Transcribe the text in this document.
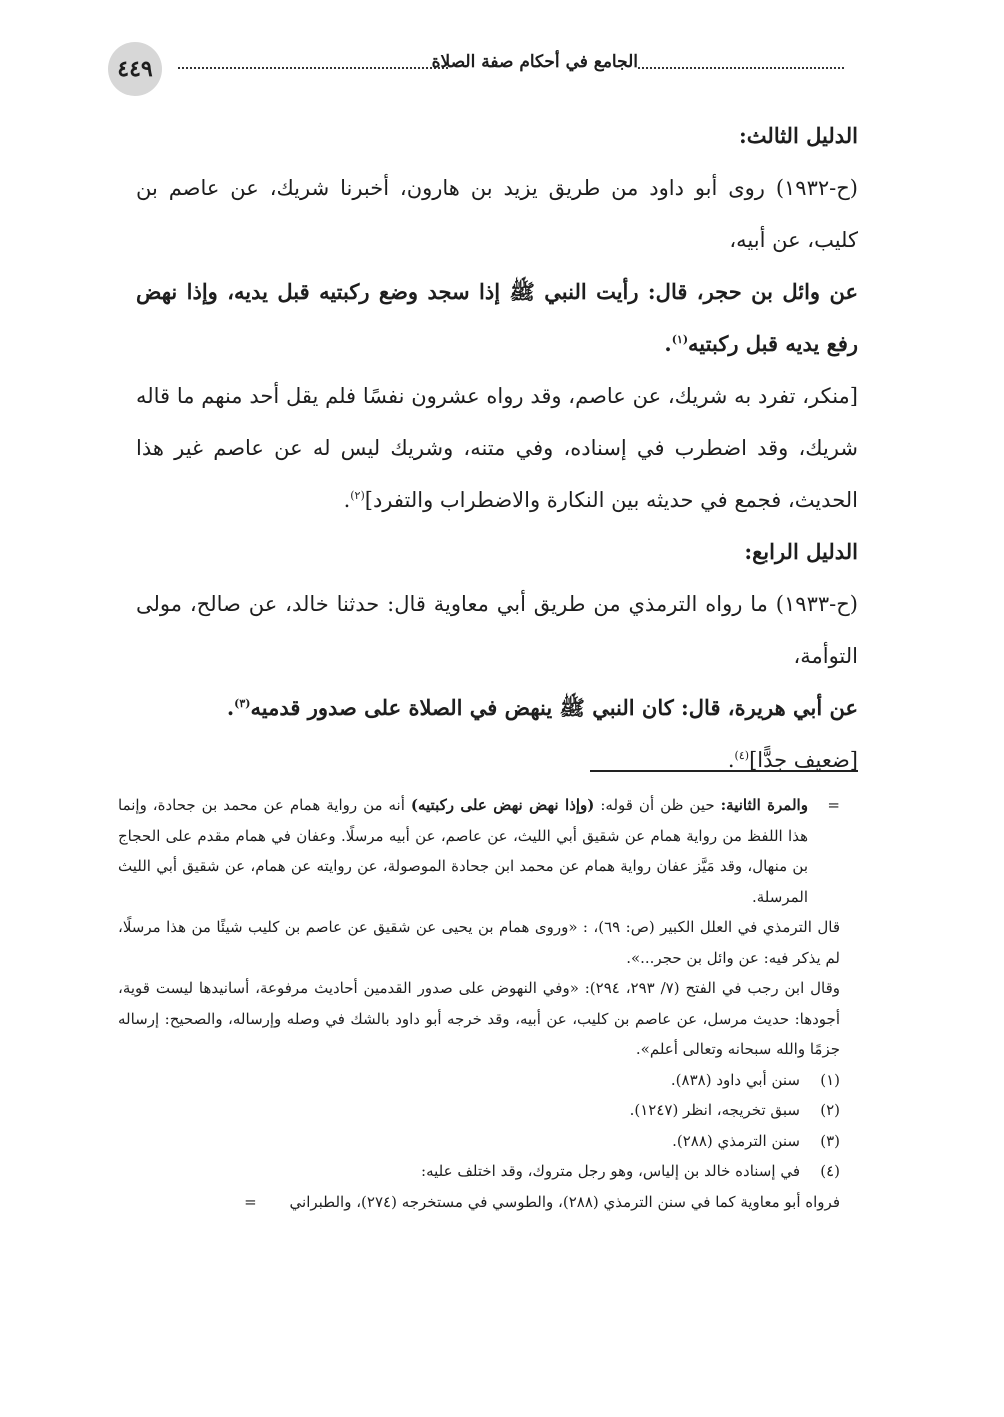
٤٤٩	الجامع في أحكام صفة الصلاة

الدليل الثالث:

(ح-١٩٣٢) روى أبو داود من طريق يزيد بن هارون، أخبرنا شريك، عن عاصم بن كليب، عن أبيه،

عن وائل بن حجر، قال: رأيت النبي ﷺ إذا سجد وضع ركبتيه قبل يديه، وإذا نهض رفع يديه قبل ركبتيه$^{(١)}$.

[منكر، تفرد به شريك، عن عاصم، وقد رواه عشرون نفسًا فلم يقل أحد منهم ما قاله شريك، وقد اضطرب في إسناده، وفي متنه، وشريك ليس له عن عاصم غير هذا الحديث، فجمع في حديثه بين النكارة والاضطراب والتفرد]$^{(٢)}$.

الدليل الرابع:

(ح-١٩٣٣) ما رواه الترمذي من طريق أبي معاوية قال: حدثنا خالد، عن صالح، مولى التوأمة،

عن أبي هريرة، قال: كان النبي ﷺ ينهض في الصلاة على صدور قدميه$^{(٣)}$.

[ضعيف جدًّا]$^{(٤)}$.

=
والمرة الثانية: حين ظن أن قوله: (وإذا نهض نهض على ركبتيه) أنه من رواية همام عن محمد بن جحادة، وإنما هذا اللفظ من رواية همام عن شقيق أبي الليث، عن عاصم، عن أبيه مرسلًا. وعفان في همام مقدم على الحجاج بن منهال، وقد مَيَّز عفان رواية همام عن محمد ابن جحادة الموصولة، عن روايته عن همام، عن شقيق أبي الليث المرسلة.

قال الترمذي في العلل الكبير (ص: ٦٩)، : «وروى همام بن يحيى عن شقيق عن عاصم بن كليب شيئًا من هذا مرسلًا، لم يذكر فيه: عن وائل بن حجر...».

وقال ابن رجب في الفتح (٧/ ٢٩٣، ٢٩٤): «وفي النهوض على صدور القدمين أحاديث مرفوعة، أسانيدها ليست قوية، أجودها: حديث مرسل، عن عاصم بن كليب، عن أبيه، وقد خرجه أبو داود بالشك في وصله وإرساله، والصحيح: إرساله جزمًا والله سبحانه وتعالى أعلم».

(١)
سنن أبي داود (٨٣٨).
(٢)
سبق تخريجه، انظر (١٢٤٧).
(٣)
سنن الترمذي (٢٨٨).
(٤)
في إسناده خالد بن إلياس، وهو رجل متروك، وقد اختلف عليه:

فرواه أبو معاوية كما في سنن الترمذي (٢٨٨)، والطوسي في مستخرجه (٢٧٤)، والطبراني =
